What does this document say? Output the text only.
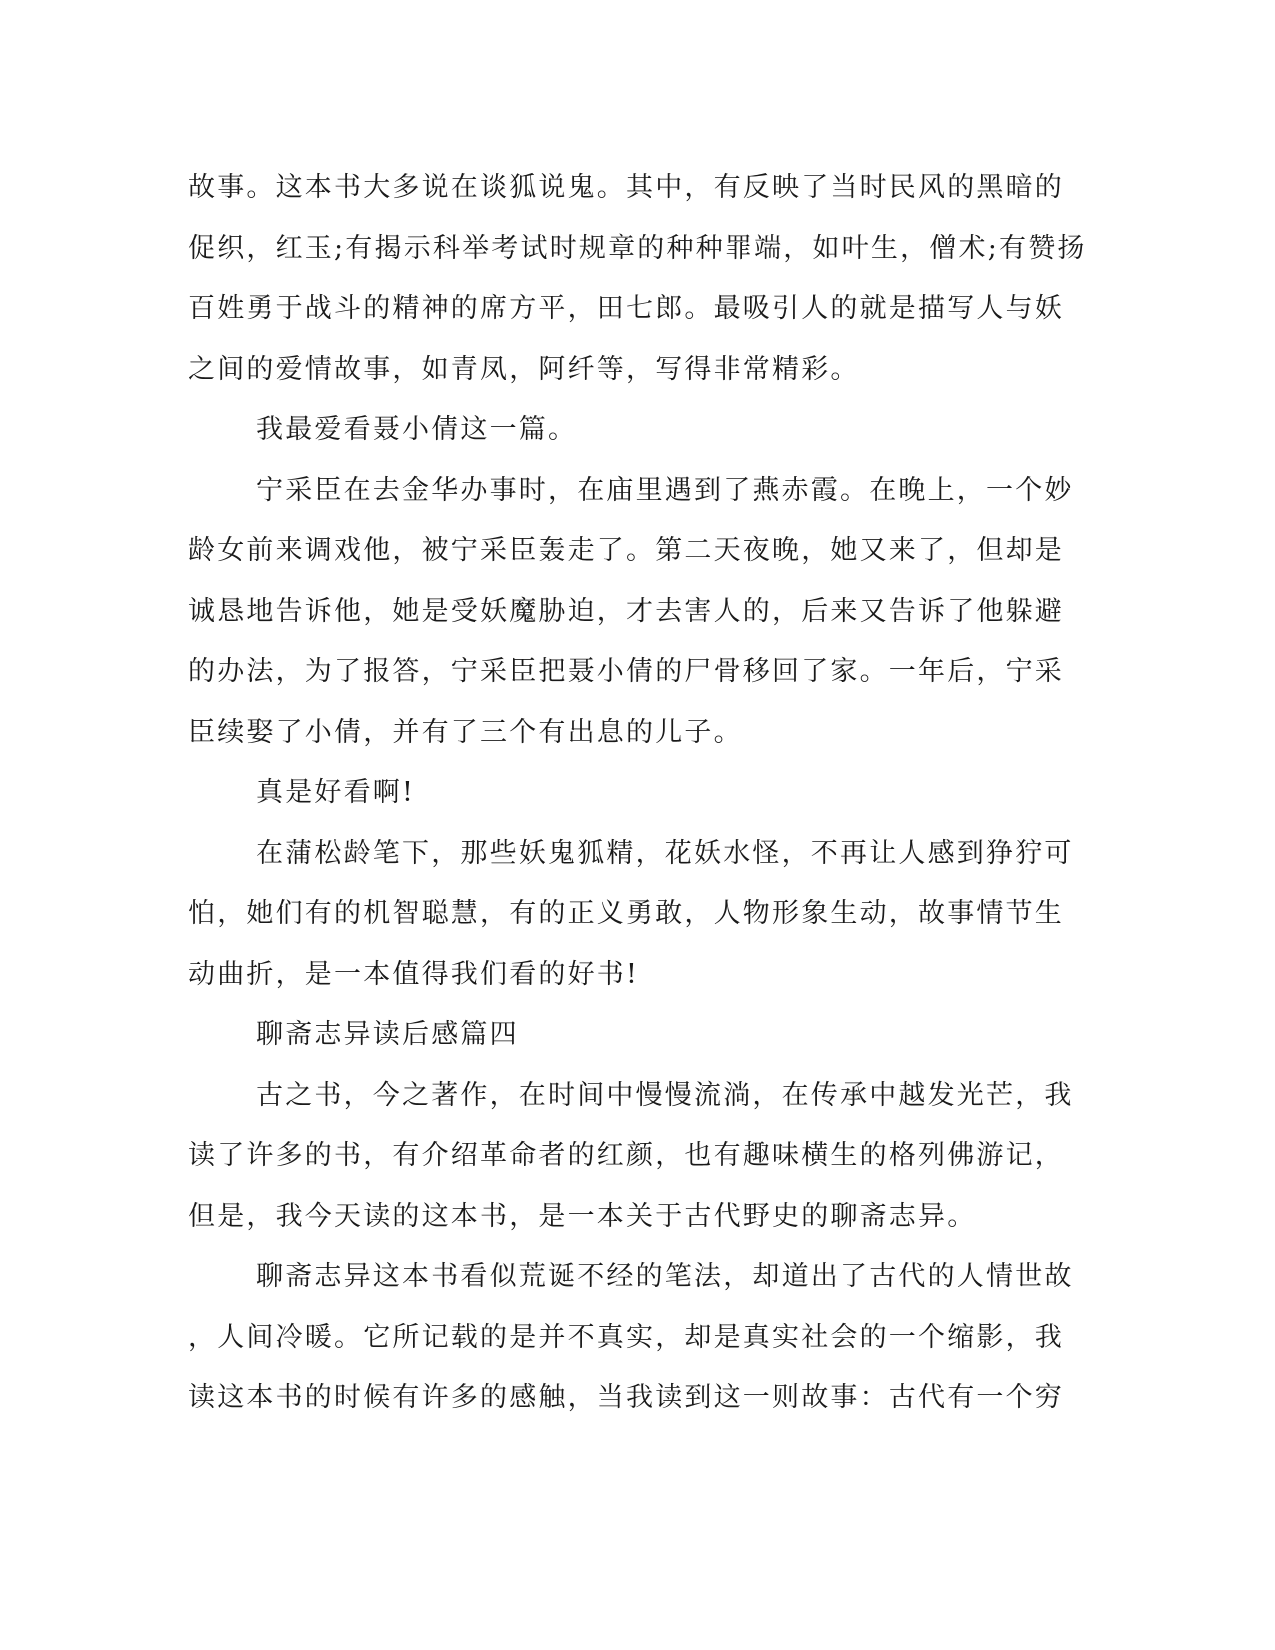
故事。这本书大多说在谈狐说鬼。其中，有反映了当时民风的黑暗的
促织，红玉;有揭示科举考试时规章的种种罪端，如叶生，僧术;有赞扬
百姓勇于战斗的精神的席方平，田七郎。最吸引人的就是描写人与妖
之间的爱情故事，如青凤，阿纤等，写得非常精彩。
我最爱看聂小倩这一篇。
宁采臣在去金华办事时，在庙里遇到了燕赤霞。在晚上，一个妙
龄女前来调戏他，被宁采臣轰走了。第二天夜晚，她又来了，但却是
诚恳地告诉他，她是受妖魔胁迫，才去害人的，后来又告诉了他躲避
的办法，为了报答，宁采臣把聂小倩的尸骨移回了家。一年后，宁采
臣续娶了小倩，并有了三个有出息的儿子。
真是好看啊!
在蒲松龄笔下，那些妖鬼狐精，花妖水怪，不再让人感到狰狞可
怕，她们有的机智聪慧，有的正义勇敢，人物形象生动，故事情节生
动曲折，是一本值得我们看的好书!
聊斋志异读后感篇四
古之书，今之著作，在时间中慢慢流淌，在传承中越发光芒，我
读了许多的书，有介绍革命者的红颜，也有趣味横生的格列佛游记，
但是，我今天读的这本书，是一本关于古代野史的聊斋志异。
聊斋志异这本书看似荒诞不经的笔法，却道出了古代的人情世故
，人间冷暖。它所记载的是并不真实，却是真实社会的一个缩影，我
读这本书的时候有许多的感触，当我读到这一则故事：古代有一个穷
